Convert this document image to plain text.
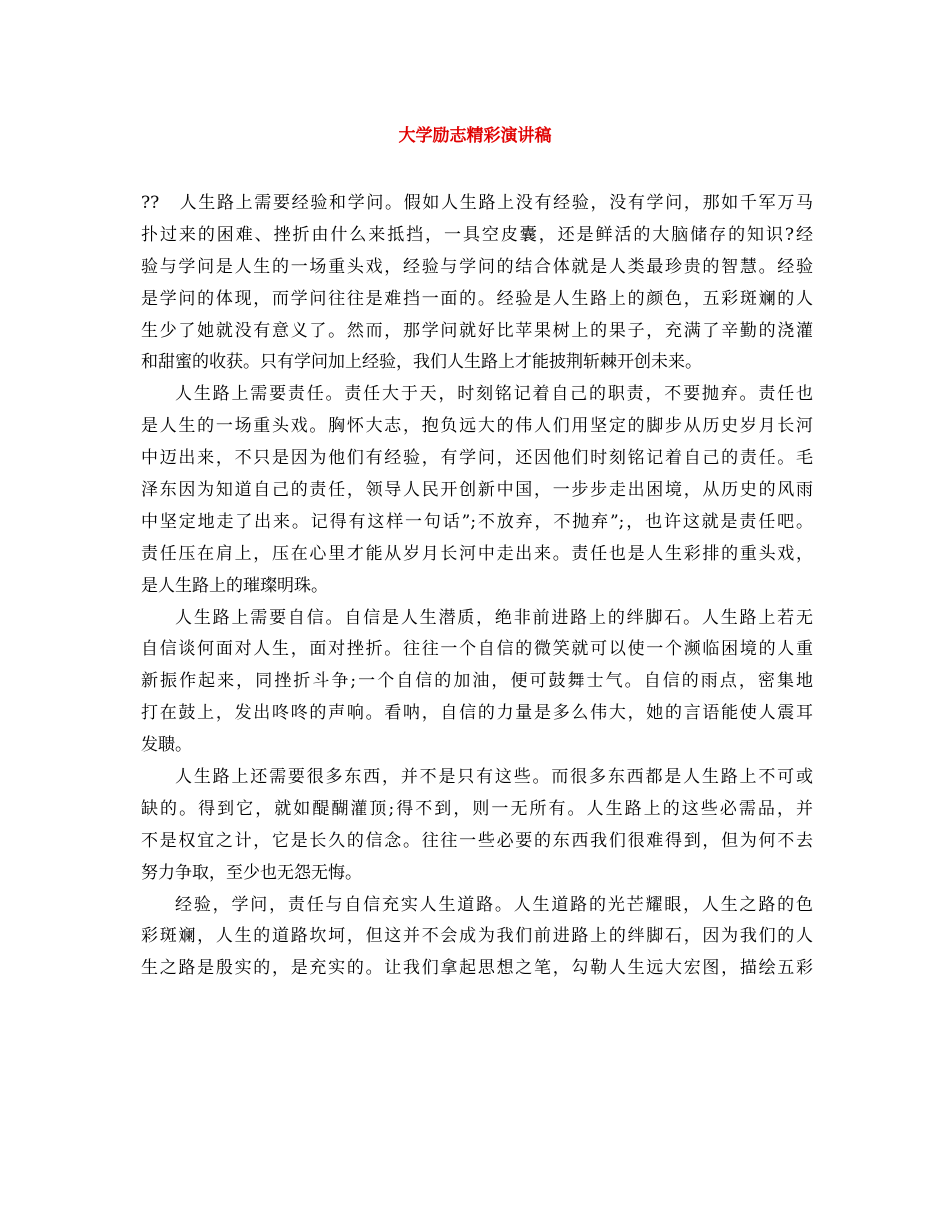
大学励志精彩演讲稿
??　人生路上需要经验和学问。假如人生路上没有经验，没有学问，那如千军万马
扑过来的困难、挫折由什么来抵挡，一具空皮囊，还是鲜活的大脑储存的知识?经
验与学问是人生的一场重头戏，经验与学问的结合体就是人类最珍贵的智慧。经验
是学问的体现，而学问往往是难挡一面的。经验是人生路上的颜色，五彩斑斓的人
生少了她就没有意义了。然而，那学问就好比苹果树上的果子，充满了辛勤的浇灌
和甜蜜的收获。只有学问加上经验，我们人生路上才能披荆斩棘开创未来。
人生路上需要责任。责任大于天，时刻铭记着自己的职责，不要抛弃。责任也
是人生的一场重头戏。胸怀大志，抱负远大的伟人们用坚定的脚步从历史岁月长河
中迈出来，不只是因为他们有经验，有学问，还因他们时刻铭记着自己的责任。毛
泽东因为知道自己的责任，领导人民开创新中国，一步步走出困境，从历史的风雨
中坚定地走了出来。记得有这样一句话”;不放弃，不抛弃”;，也许这就是责任吧。
责任压在肩上，压在心里才能从岁月长河中走出来。责任也是人生彩排的重头戏，
是人生路上的璀璨明珠。
人生路上需要自信。自信是人生潜质，绝非前进路上的绊脚石。人生路上若无
自信谈何面对人生，面对挫折。往往一个自信的微笑就可以使一个濒临困境的人重
新振作起来，同挫折斗争;一个自信的加油，便可鼓舞士气。自信的雨点，密集地
打在鼓上，发出咚咚的声响。看呐，自信的力量是多么伟大，她的言语能使人震耳
发聩。
人生路上还需要很多东西，并不是只有这些。而很多东西都是人生路上不可或
缺的。得到它，就如醍醐灌顶;得不到，则一无所有。人生路上的这些必需品，并
不是权宜之计，它是长久的信念。往往一些必要的东西我们很难得到，但为何不去
努力争取，至少也无怨无悔。
经验，学问，责任与自信充实人生道路。人生道路的光芒耀眼，人生之路的色
彩斑斓，人生的道路坎坷，但这并不会成为我们前进路上的绊脚石，因为我们的人
生之路是殷实的，是充实的。让我们拿起思想之笔，勾勒人生远大宏图，描绘五彩
